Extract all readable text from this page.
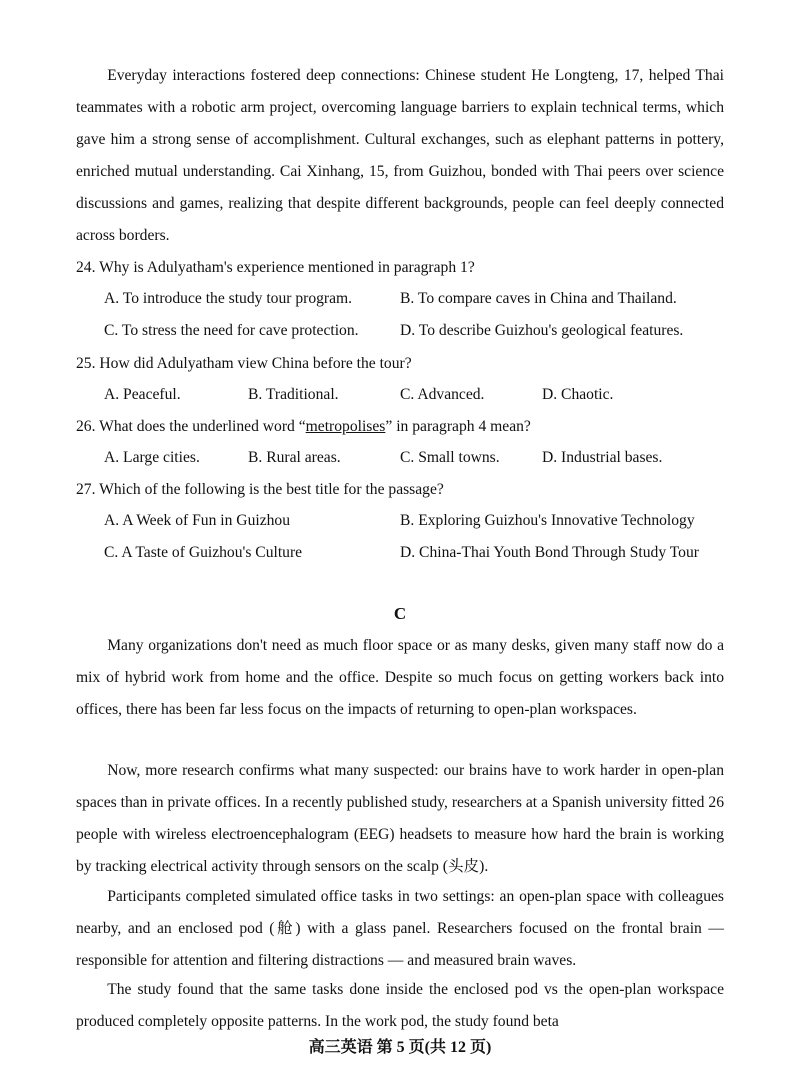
Everyday interactions fostered deep connections: Chinese student He Longteng, 17, helped Thai teammates with a robotic arm project, overcoming language barriers to explain technical terms, which gave him a strong sense of accomplishment. Cultural exchanges, such as elephant patterns in pottery, enriched mutual understanding. Cai Xinhang, 15, from Guizhou, bonded with Thai peers over science discussions and games, realizing that despite different backgrounds, people can feel deeply connected across borders.

24. Why is Adulyatham's experience mentioned in paragraph 1?
A. To introduce the study tour program.	B. To compare caves in China and Thailand.
C. To stress the need for cave protection.	D. To describe Guizhou's geological features.
25. How did Adulyatham view China before the tour?
A. Peaceful.	B. Traditional.	C. Advanced.	D. Chaotic.
26. What does the underlined word “metropolises” in paragraph 4 mean?
A. Large cities.	B. Rural areas.	C. Small towns.	D. Industrial bases.
27. Which of the following is the best title for the passage?
A. A Week of Fun in Guizhou	B. Exploring Guizhou's Innovative Technology
C. A Taste of Guizhou's Culture	D. China-Thai Youth Bond Through Study Tour
C

Many organizations don't need as much floor space or as many desks, given many staff now do a mix of hybrid work from home and the office. Despite so much focus on getting workers back into offices, there has been far less focus on the impacts of returning to open-plan workspaces.

Now, more research confirms what many suspected: our brains have to work harder in open-plan spaces than in private offices. In a recently published study, researchers at a Spanish university fitted 26 people with wireless electroencephalogram (EEG) headsets to measure how hard the brain is working by tracking electrical activity through sensors on the scalp (头皮).

Participants completed simulated office tasks in two settings: an open-plan space with colleagues nearby, and an enclosed pod (舱) with a glass panel. Researchers focused on the frontal brain — responsible for attention and filtering distractions — and measured brain waves.

The study found that the same tasks done inside the enclosed pod vs the open-plan workspace produced completely opposite patterns. In the work pod, the study found beta

高三英语 第 5 页(共 12 页)
